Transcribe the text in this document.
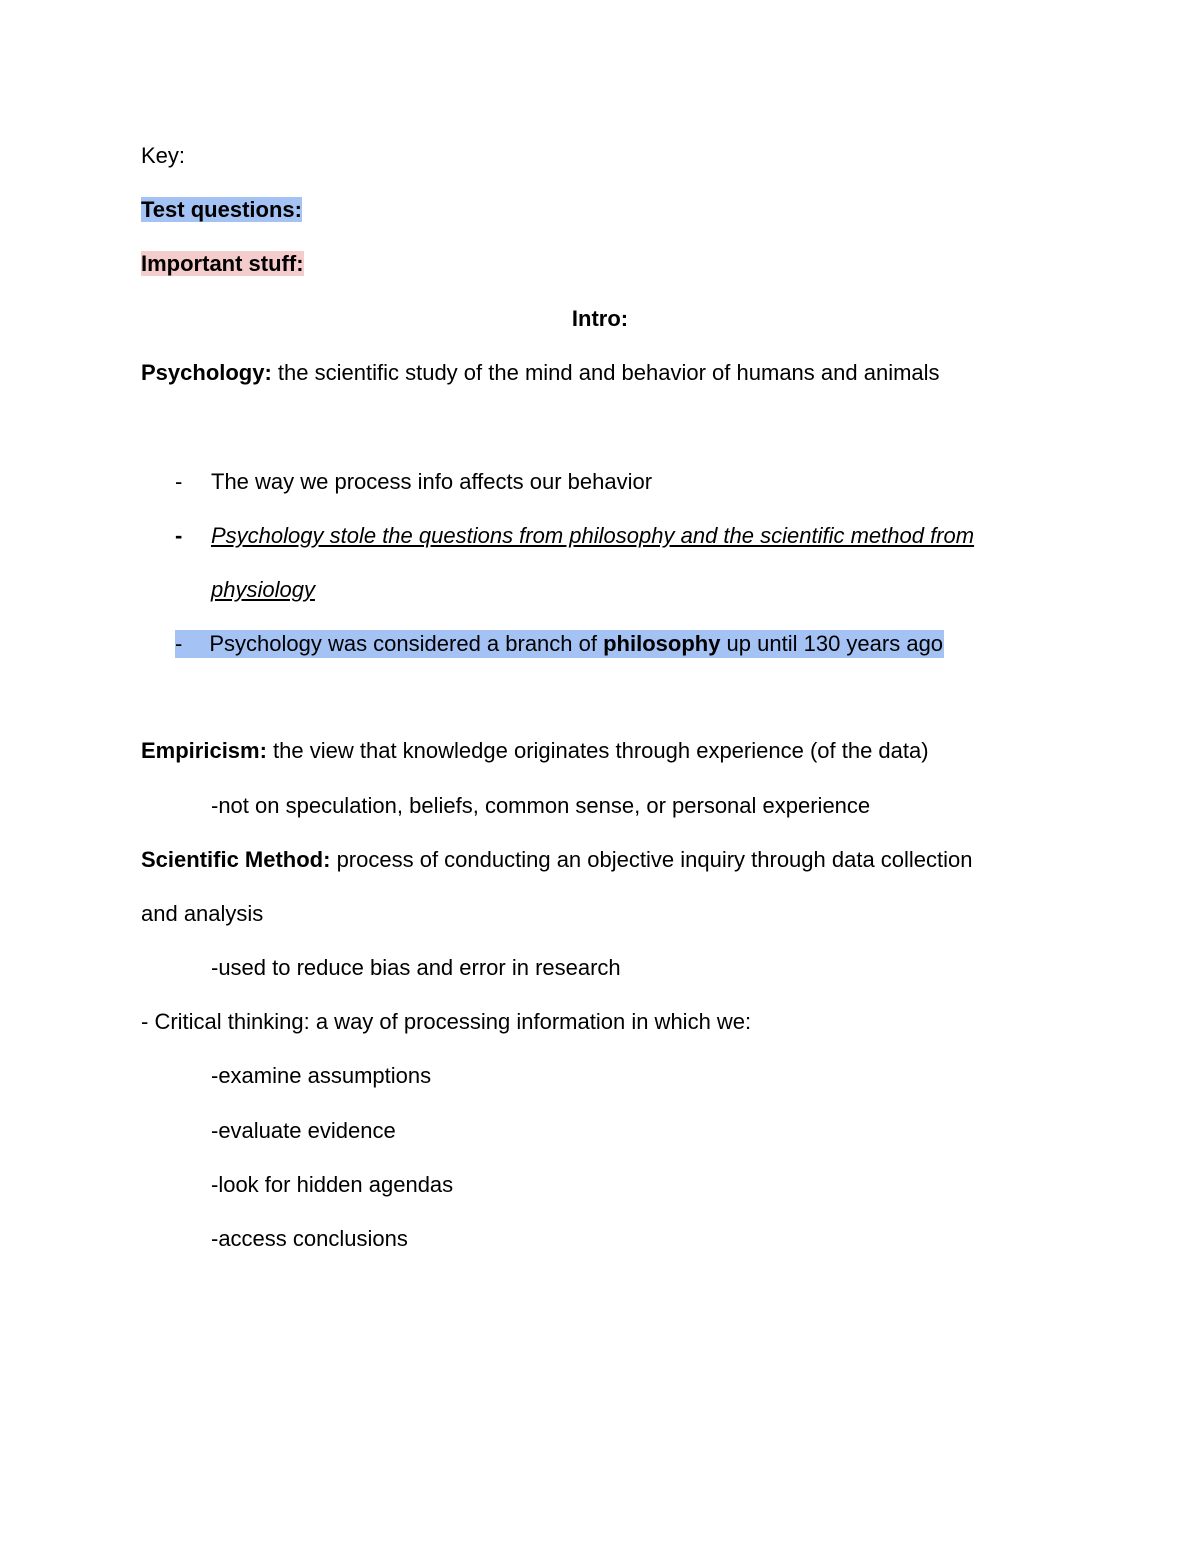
Key:
Test questions:
Important stuff:
Intro:
Psychology: the scientific study of the mind and behavior of humans and animals
- The way we process info affects our behavior
- Psychology stole the questions from philosophy and the scientific method from
physiology
- Psychology was considered a branch of philosophy up until 130 years ago
Empiricism: the view that knowledge originates through experience (of the data)
-not on speculation, beliefs, common sense, or personal experience
Scientific Method: process of conducting an objective inquiry through data collection
and analysis
-used to reduce bias and error in research
- Critical thinking: a way of processing information in which we:
-examine assumptions
-evaluate evidence
-look for hidden agendas
-access conclusions
